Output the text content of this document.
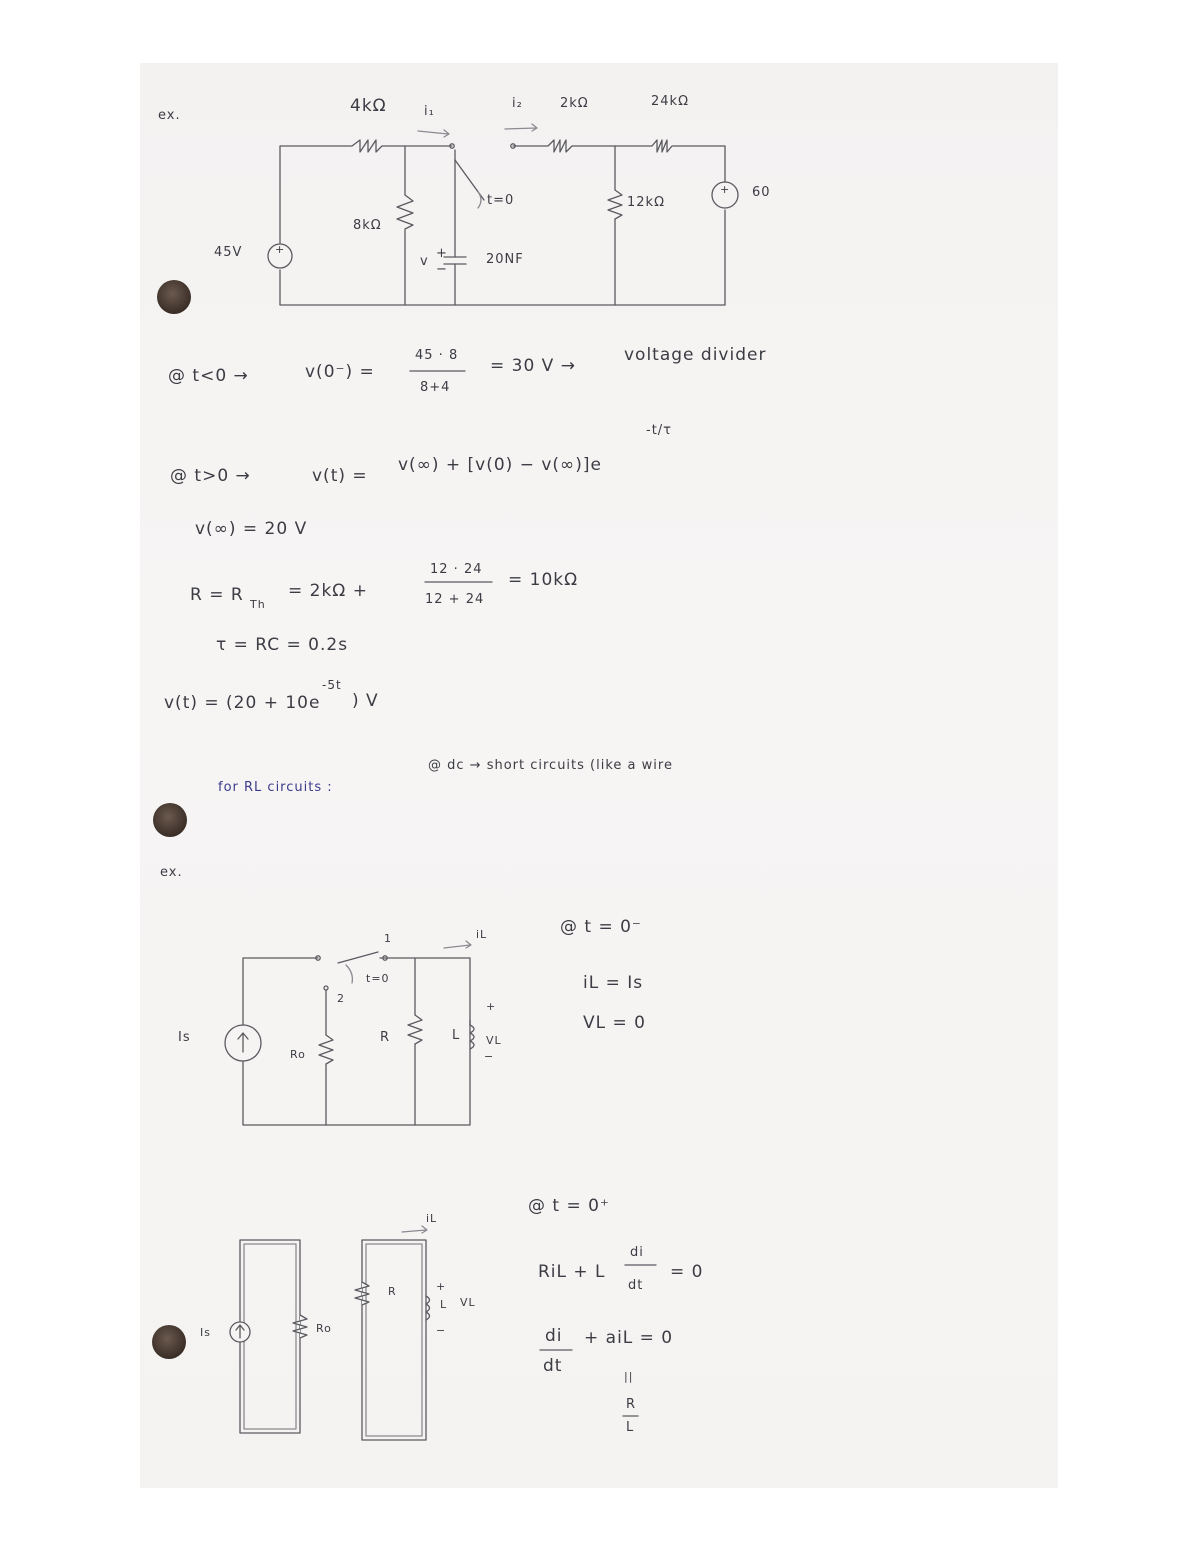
ex.	4kΩ	i₁
i₂	2kΩ	24kΩ
8kΩ
t=0	12kΩ
20NF
45V
60
+
+
v
+
−
@ t<0 →	v(0⁻) =
45 · 8
8+4
= 30 V →
voltage divider
-t/τ
@ t>0 →	v(t) =
v(∞) + [v(0) − v(∞)]e
v(∞) = 20 V
R = R Th
= 2kΩ +
12 · 24
12 + 24
= 10kΩ
τ = RC = 0.2s
v(t) = (20 + 10e
-5t
) V
for RL circuits :
@ dc → short circuits (like a wire
ex.
Is
Ro
R	L VL
iL
t=0
1
2
+
−
@ t = 0⁻
iL = Is
VL = 0
Is	Ro
R
L VL
iL
+
−
@ t = 0⁺
RiL + L
di
dt
= 0
di
dt
+ aiL = 0
||
R
L
